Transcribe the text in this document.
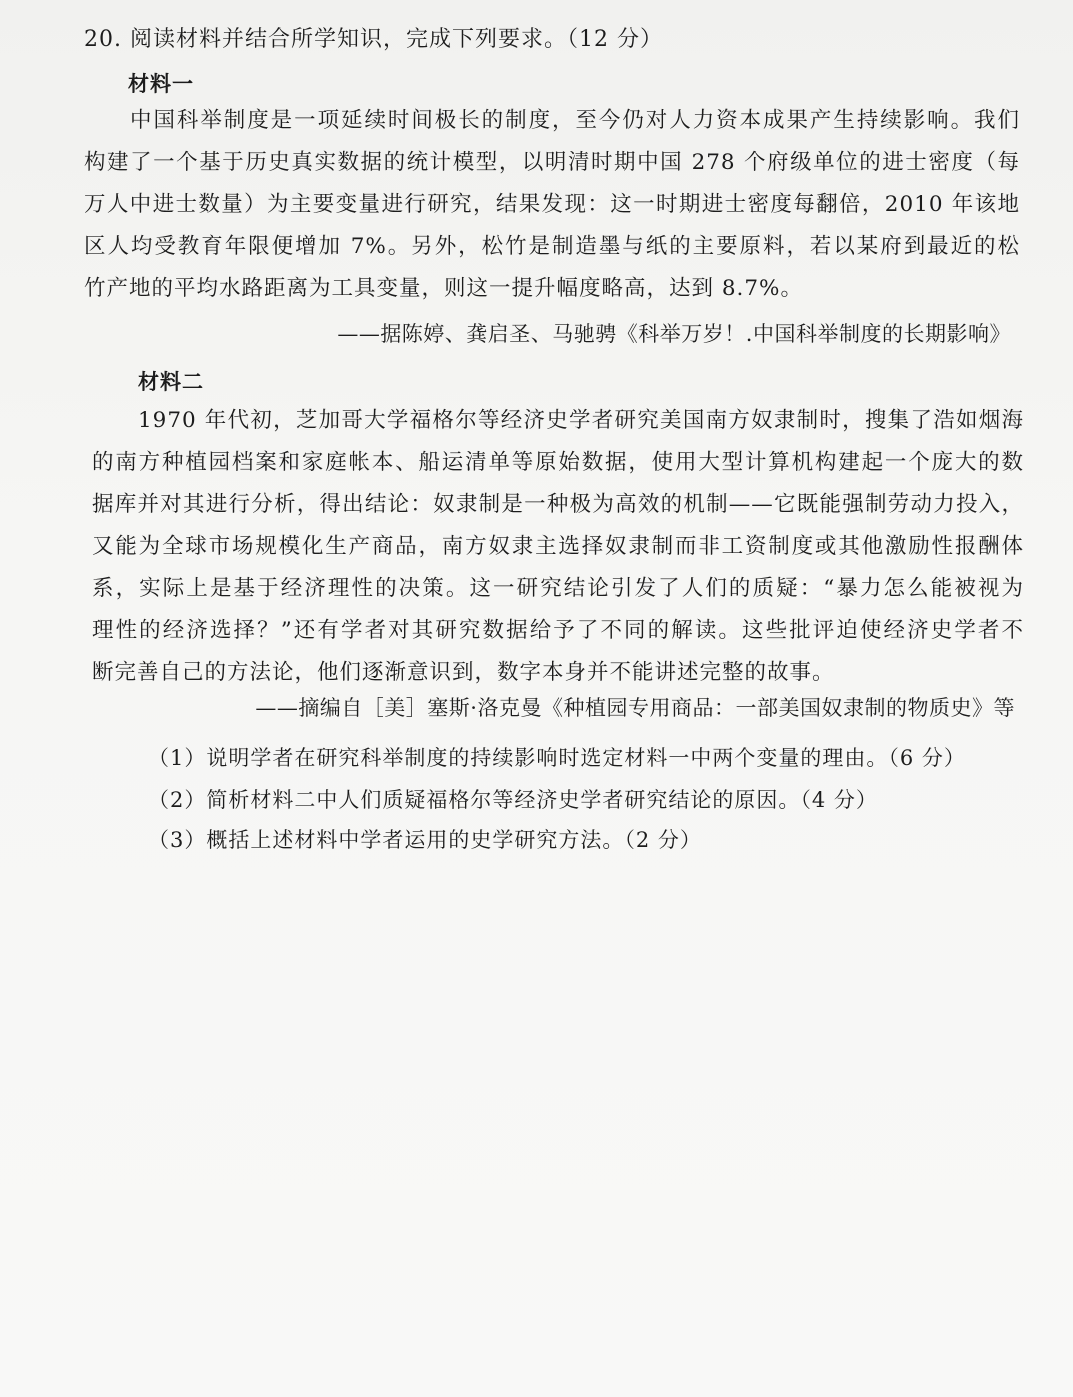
20. 阅读材料并结合所学知识，完成下列要求。（12 分）
材料一
中国科举制度是一项延续时间极长的制度，至今仍对人力资本成果产生持续影响。我们
构建了一个基于历史真实数据的统计模型，以明清时期中国 278 个府级单位的进士密度（每
万人中进士数量）为主要变量进行研究，结果发现：这一时期进士密度每翻倍，2010 年该地
区人均受教育年限便增加 7%。另外，松竹是制造墨与纸的主要原料，若以某府到最近的松
竹产地的平均水路距离为工具变量，则这一提升幅度略高，达到 8.7%。
——据陈婷、龚启圣、马驰骋《科举万岁！.中国科举制度的长期影响》
材料二
1970 年代初，芝加哥大学福格尔等经济史学者研究美国南方奴隶制时，搜集了浩如烟海
的南方种植园档案和家庭帐本、船运清单等原始数据，使用大型计算机构建起一个庞大的数
据库并对其进行分析，得出结论：奴隶制是一种极为高效的机制——它既能强制劳动力投入，
又能为全球市场规模化生产商品，南方奴隶主选择奴隶制而非工资制度或其他激励性报酬体
系，实际上是基于经济理性的决策。这一研究结论引发了人们的质疑：“暴力怎么能被视为
理性的经济选择？”还有学者对其研究数据给予了不同的解读。这些批评迫使经济史学者不
断完善自己的方法论，他们逐渐意识到，数字本身并不能讲述完整的故事。
——摘编自［美］塞斯·洛克曼《种植园专用商品：一部美国奴隶制的物质史》等
（1）说明学者在研究科举制度的持续影响时选定材料一中两个变量的理由。（6 分）
（2）简析材料二中人们质疑福格尔等经济史学者研究结论的原因。（4 分）
（3）概括上述材料中学者运用的史学研究方法。（2 分）
